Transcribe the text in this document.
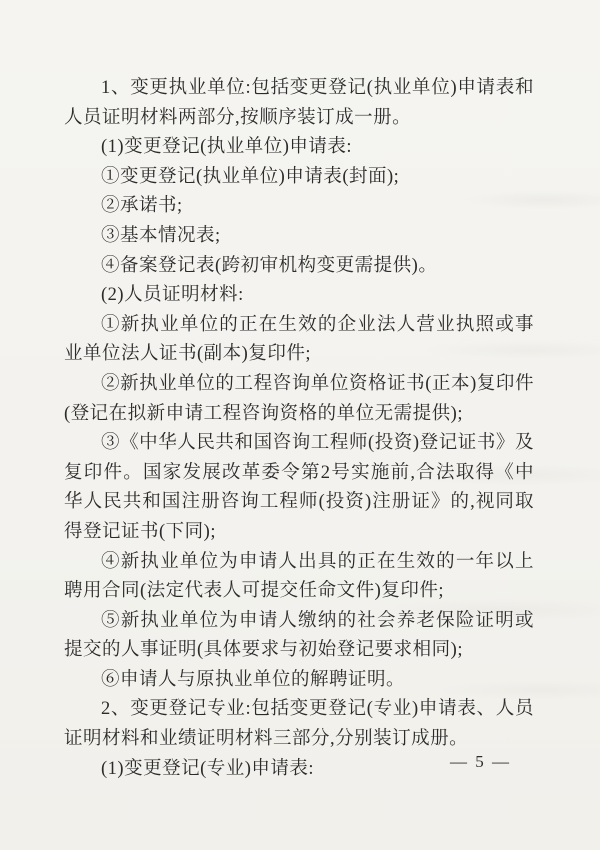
1、变更执业单位:包括变更登记(执业单位)申请表和人员证明材料两部分,按顺序装订成一册。

(1)变更登记(执业单位)申请表:

①变更登记(执业单位)申请表(封面);

②承诺书;

③基本情况表;

④备案登记表(跨初审机构变更需提供)。

(2)人员证明材料:

①新执业单位的正在生效的企业法人营业执照或事业单位法人证书(副本)复印件;

②新执业单位的工程咨询单位资格证书(正本)复印件(登记在拟新申请工程咨询资格的单位无需提供);

③《中华人民共和国咨询工程师(投资)登记证书》及复印件。国家发展改革委令第2号实施前,合法取得《中华人民共和国注册咨询工程师(投资)注册证》的,视同取得登记证书(下同);

④新执业单位为申请人出具的正在生效的一年以上聘用合同(法定代表人可提交任命文件)复印件;

⑤新执业单位为申请人缴纳的社会养老保险证明或提交的人事证明(具体要求与初始登记要求相同);

⑥申请人与原执业单位的解聘证明。

2、变更登记专业:包括变更登记(专业)申请表、人员证明材料和业绩证明材料三部分,分别装订成册。

(1)变更登记(专业)申请表:	— 5 —
